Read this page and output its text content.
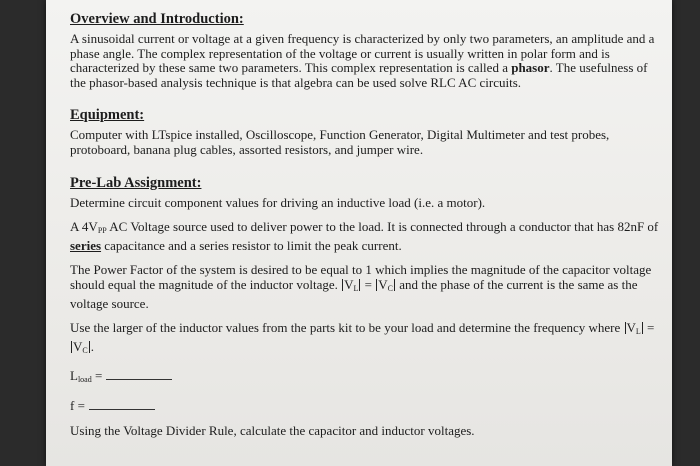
Overview and Introduction:

A sinusoidal current or voltage at a given frequency is characterized by only two parameters, an amplitude and a phase angle. The complex representation of the voltage or current is usually written in polar form and is characterized by these same two parameters. This complex representation is called a phasor. The usefulness of the phasor-based analysis technique is that algebra can be used solve RLC AC circuits.

Equipment:

Computer with LTspice installed, Oscilloscope, Function Generator, Digital Multimeter and test probes, protoboard, banana plug cables, assorted resistors, and jumper wire.

Pre-Lab Assignment:

Determine circuit component values for driving an inductive load (i.e. a motor).

A $4V_{PP}$ AC Voltage source used to deliver power to the load. It is connected through a conductor that has 82nF of series capacitance and a series resistor to limit the peak current.

The Power Factor of the system is desired to be equal to 1 which implies the magnitude of the capacitor voltage should equal the magnitude of the inductor voltage. $V_L = V_C$ and the phase of the current is the same as the voltage source.

Use the larger of the inductor values from the parts kit to be your load and determine the frequency where $V_L = V_C$ .

$L_{load}$ =

f =

Using the Voltage Divider Rule, calculate the capacitor and inductor voltages.
